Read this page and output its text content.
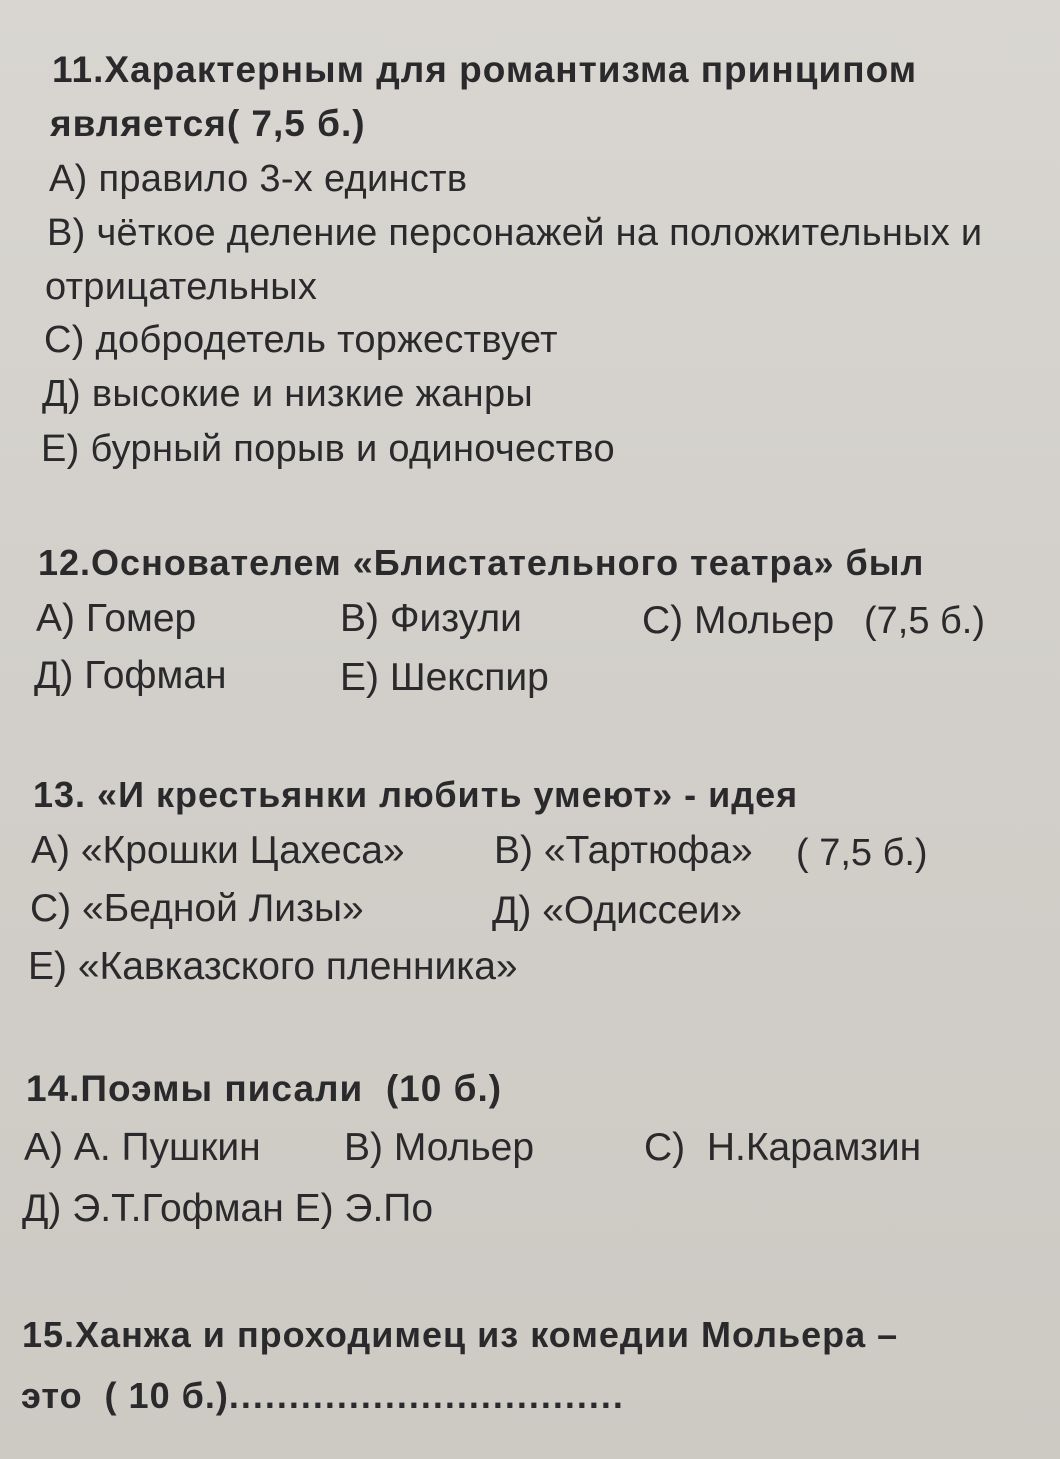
11.Характерным для романтизма принципом
является( 7,5 б.)
А) правило 3-х единств
В) чёткое деление персонажей на положительных и
отрицательных
С) добродетель торжествует
Д) высокие и низкие жанры
Е) бурный порыв и одиночество
12.Основателем «Блистательного театра» был
А) Гомер	В) Физули	С) Мольер (7,5 б.)
Д) Гофман	Е) Шекспир
13. «И крестьянки любить умеют» - идея
А) «Крошки Цахеса» В) «Тартюфа» ( 7,5 б.)
С) «Бедной Лизы»	Д) «Одиссеи»
Е) «Кавказского пленника»
14.Поэмы писали  (10 б.)
А) А. Пушкин В) Мольер	С)  Н.Карамзин
Д) Э.Т.Гофман Е) Э.По
15.Ханжа и проходимец из комедии Мольера –
это  ( 10 б.).................................
